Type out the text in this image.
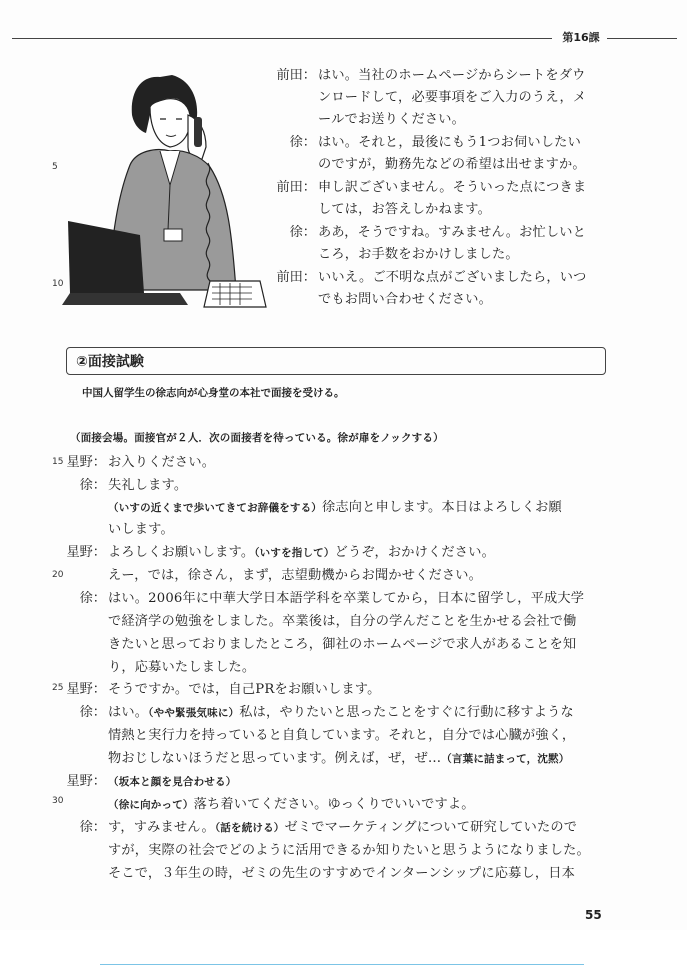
第16課
5
10
前田： はい。当社のホームページからシートをダウ
ンロードして，必要事項をご入力のうえ，メ
ールでお送りください。
徐： はい。それと，最後にもう1つお伺いしたい
のですが，勤務先などの希望は出せますか。
前田： 申し訳ございません。そういった点につきま
しては，お答えしかねます。
徐： ああ，そうですね。すみません。お忙しいと
ころ，お手数をおかけしました。
前田： いいえ。ご不明な点がございましたら，いつ
でもお問い合わせください。
②面接試験
中国人留学生の徐志向が心身堂の本社で面接を受ける。
（面接会場。面接官が２人．次の面接者を待っている。徐が扉をノックする）
15
20
25
30
星野： お入りください。
徐： 失礼します。
（いすの近くまで歩いてきてお辞儀をする）徐志向と申します。本日はよろしくお願
いします。
星野： よろしくお願いします。（いすを指して）どうぞ，おかけください。
えー，では，徐さん，まず，志望動機からお聞かせください。
徐： はい。2006年に中華大学日本語学科を卒業してから，日本に留学し，平成大学
で経済学の勉強をしました。卒業後は，自分の学んだことを生かせる会社で働
きたいと思っておりましたところ，御社のホームページで求人があることを知
り，応募いたしました。
星野： そうですか。では，自己PRをお願いします。
徐： はい。（やや緊張気味に）私は，やりたいと思ったことをすぐに行動に移すような
情熱と実行力を持っていると自負しています。それと，自分では心臓が強く，
物おじしないほうだと思っています。例えば，ぜ，ぜ…（言葉に詰まって，沈黙）
星野： （坂本と顔を見合わせる）
（徐に向かって）落ち着いてください。ゆっくりでいいですよ。
徐： す，すみません。（話を続ける）ゼミでマーケティングについて研究していたので
すが，実際の社会でどのように活用できるか知りたいと思うようになりました。
そこで，３年生の時，ゼミの先生のすすめでインターンシップに応募し，日本
55
